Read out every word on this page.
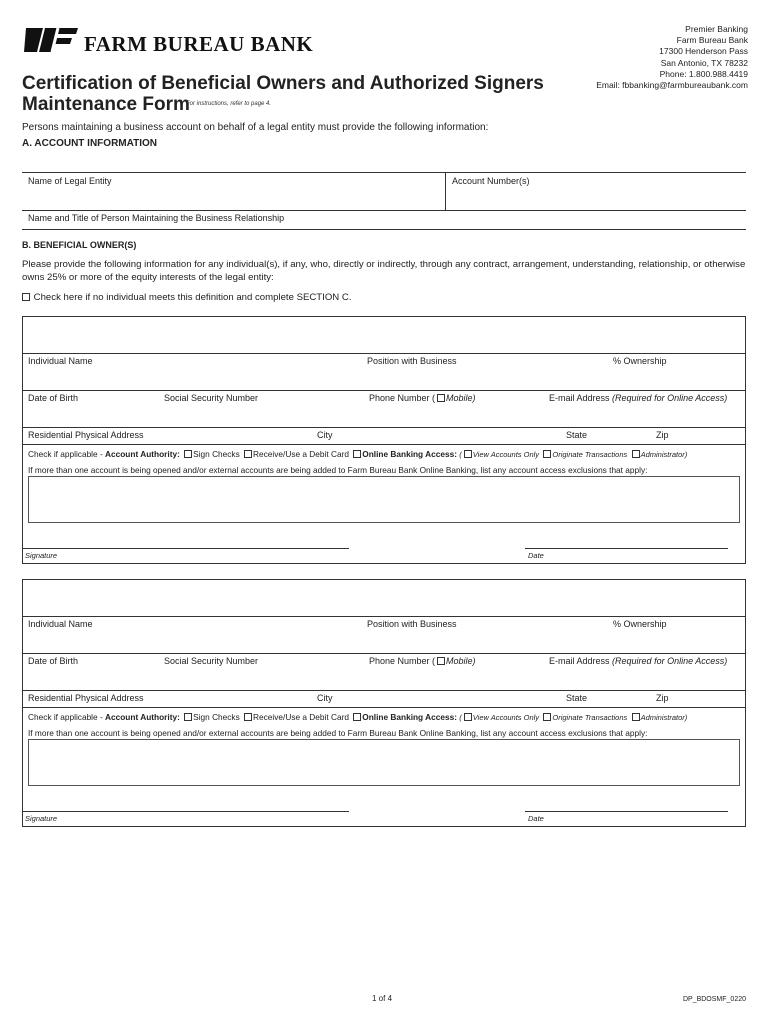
FARM BUREAU BANK
Premier Banking
Farm Bureau Bank
17300 Henderson Pass
San Antonio, TX 78232
Phone: 1.800.988.4419
Email: fbbanking@farmbureaubank.com
Certification of Beneficial Owners and Authorized Signers
Maintenance Form
For instructions, refer to page 4.
Persons maintaining a business account on behalf of a legal entity must provide the following information:
A. ACCOUNT INFORMATION
Name of Legal Entity	Account Number(s)
Name and Title of Person Maintaining the Business Relationship
B. BENEFICIAL OWNER(S)
Please provide the following information for any individual(s), if any, who, directly or indirectly, through any contract, arrangement, understanding, relationship, or otherwise owns 25% or more of the equity interests of the legal entity:
Check here if no individual meets this definition and complete SECTION C.
Individual Name	Position with Business	% Ownership
Date of Birth	Social Security Number	Phone Number ( Mobile)	E-mail Address (Required for Online Access)
Residential Physical Address	City	State	Zip
Check if applicable - Account Authority: Sign Checks Receive/Use a Debit Card Online Banking Access: ( View Accounts Only Originate Transactions Administrator)
If more than one account is being opened and/or external accounts are being added to Farm Bureau Bank Online Banking, list any account access exclusions that apply:
Signature	Date
Individual Name	Position with Business	% Ownership
Date of Birth	Social Security Number	Phone Number ( Mobile)	E-mail Address (Required for Online Access)
Residential Physical Address	City	State	Zip
Check if applicable - Account Authority: Sign Checks Receive/Use a Debit Card Online Banking Access: ( View Accounts Only Originate Transactions Administrator)
If more than one account is being opened and/or external accounts are being added to Farm Bureau Bank Online Banking, list any account access exclusions that apply:
Signature	Date
1 of 4	DP_BDOSMF_0220
